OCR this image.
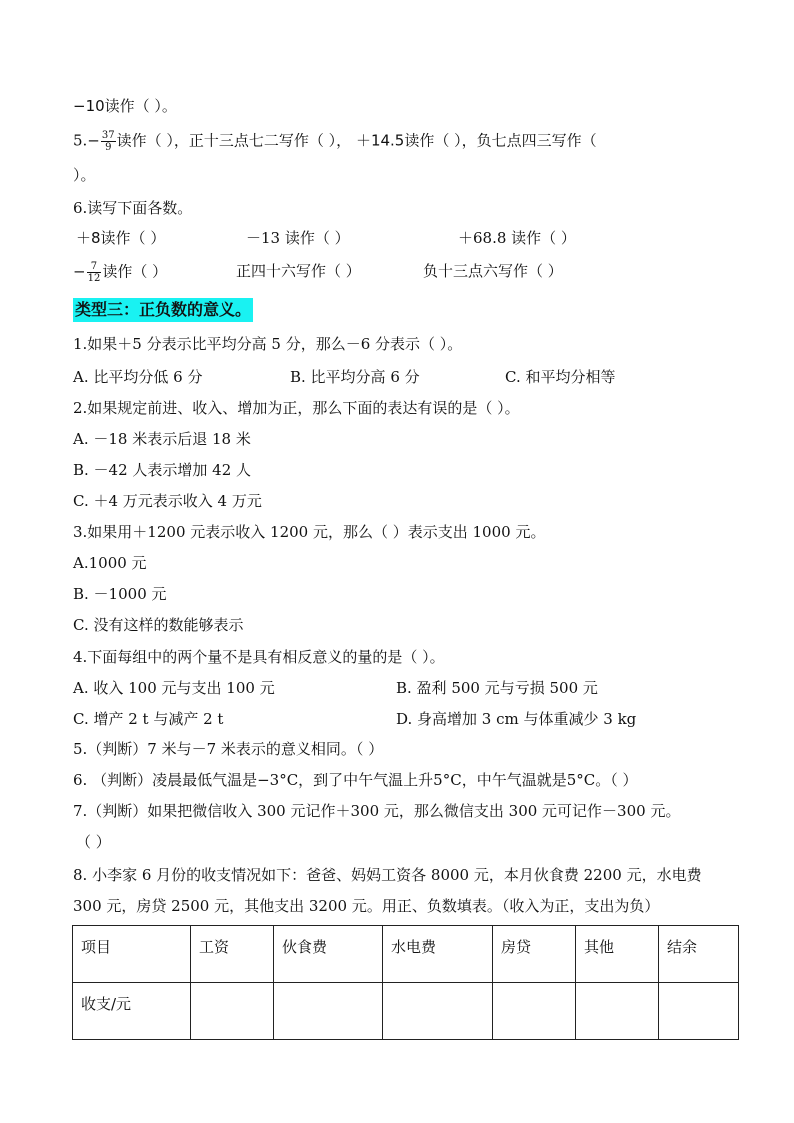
−10读作（ ）。
$5.- \frac{37}{9}$ 读作（ ），正十三点七二写作（ ）， ＋14.5读作（ ），负七点四三写作（
）。
6.读写下面各数。
＋8读作（ ）	－13 读作（ ）	＋68.8 读作（ ）
− $\frac{7}{12}$ 读作（ ）	正四十六写作（ ）	负十三点六写作（ ）
类型三：正负数的意义。
1.如果＋5 分表示比平均分高 5 分，那么－6 分表示（ ）。
A. 比平均分低 6 分	B. 比平均分高 6 分	C. 和平均分相等
2.如果规定前进、收入、增加为正，那么下面的表达有误的是（ ）。
A. －18 米表示后退 18 米
B. －42 人表示增加 42 人
C. ＋4 万元表示收入 4 万元
3.如果用＋1200 元表示收入 1200 元，那么（ ）表示支出 1000 元。
A.1000 元
B. －1000 元
C. 没有这样的数能够表示
4.下面每组中的两个量不是具有相反意义的量的是（ ）。
A. 收入 100 元与支出 100 元	B. 盈利 500 元与亏损 500 元
C. 增产 2 t 与减产 2 t	D. 身高增加 3 cm 与体重减少 3 kg
5.（判断）7 米与－7 米表示的意义相同。（ ）
6. （判断）凌晨最低气温是−3°C，到了中午气温上升5°C，中午气温就是5°C。（ ）
7.（判断）如果把微信收入 300 元记作＋300 元，那么微信支出 300 元可记作－300 元。
（ ）
8. 小李家 6 月份的收支情况如下：爸爸、妈妈工资各 8000 元，本月伙食费 2200 元，水电费
300 元，房贷 2500 元，其他支出 3200 元。用正、负数填表。（收入为正，支出为负）
项目	工资	伙食费	水电费	房贷	其他	结余
收支/元						
